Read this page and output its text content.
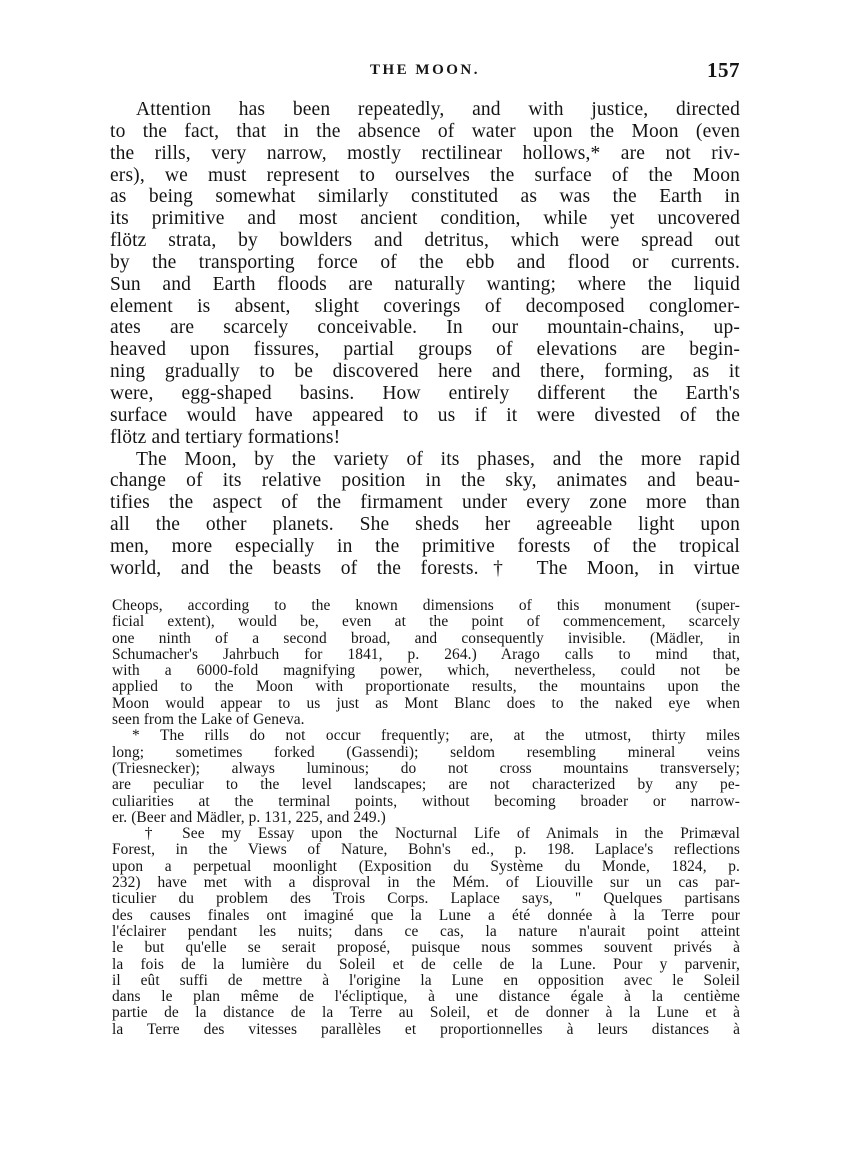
THE MOON.	157

Attention has been repeatedly, and with justice, directed
to the fact, that in the absence of water upon the Moon (even
the rills, very narrow, mostly rectilinear hollows,* are not riv-
ers), we must represent to ourselves the surface of the Moon
as being somewhat similarly constituted as was the Earth in
its primitive and most ancient condition, while yet uncovered
flötz strata, by bowlders and detritus, which were spread out
by the transporting force of the ebb and flood or currents.
Sun and Earth floods are naturally wanting; where the liquid
element is absent, slight coverings of decomposed conglomer-
ates are scarcely conceivable. In our mountain-chains, up-
heaved upon fissures, partial groups of elevations are begin-
ning gradually to be discovered here and there, forming, as it
were, egg-shaped basins. How entirely different the Earth's
surface would have appeared to us if it were divested of the
flötz and tertiary formations!

The Moon, by the variety of its phases, and the more rapid
change of its relative position in the sky, animates and beau-
tifies the aspect of the firmament under every zone more than
all the other planets. She sheds her agreeable light upon
men, more especially in the primitive forests of the tropical
world, and the beasts of the forests.† The Moon, in virtue

Cheops, according to the known dimensions of this monument (super-
ficial extent), would be, even at the point of commencement, scarcely
one ninth of a second broad, and consequently invisible. (Mädler, in
Schumacher's Jahrbuch for 1841, p. 264.) Arago calls to mind that,
with a 6000-fold magnifying power, which, nevertheless, could not be
applied to the Moon with proportionate results, the mountains upon the
Moon would appear to us just as Mont Blanc does to the naked eye when
seen from the Lake of Geneva.

* The rills do not occur frequently; are, at the utmost, thirty miles
long; sometimes forked (Gassendi); seldom resembling mineral veins
(Triesnecker); always luminous; do not cross mountains transversely;
are peculiar to the level landscapes; are not characterized by any pe-
culiarities at the terminal points, without becoming broader or narrow-
er. (Beer and Mädler, p. 131, 225, and 249.)

† See my Essay upon the Nocturnal Life of Animals in the Primæval
Forest, in the Views of Nature, Bohn's ed., p. 198. Laplace's reflections
upon a perpetual moonlight (Exposition du Système du Monde, 1824, p.
232) have met with a disproval in the Mém. of Liouville sur un cas par-
ticulier du problem des Trois Corps. Laplace says, " Quelques partisans
des causes finales ont imaginé que la Lune a été donnée à la Terre pour
l'éclairer pendant les nuits; dans ce cas, la nature n'aurait point atteint
le but qu'elle se serait proposé, puisque nous sommes souvent privés à
la fois de la lumière du Soleil et de celle de la Lune. Pour y parvenir,
il eût suffi de mettre à l'origine la Lune en opposition avec le Soleil
dans le plan même de l'écliptique, à une distance égale à la centième
partie de la distance de la Terre au Soleil, et de donner à la Lune et à
la Terre des vitesses parallèles et proportionnelles à leurs distances à
